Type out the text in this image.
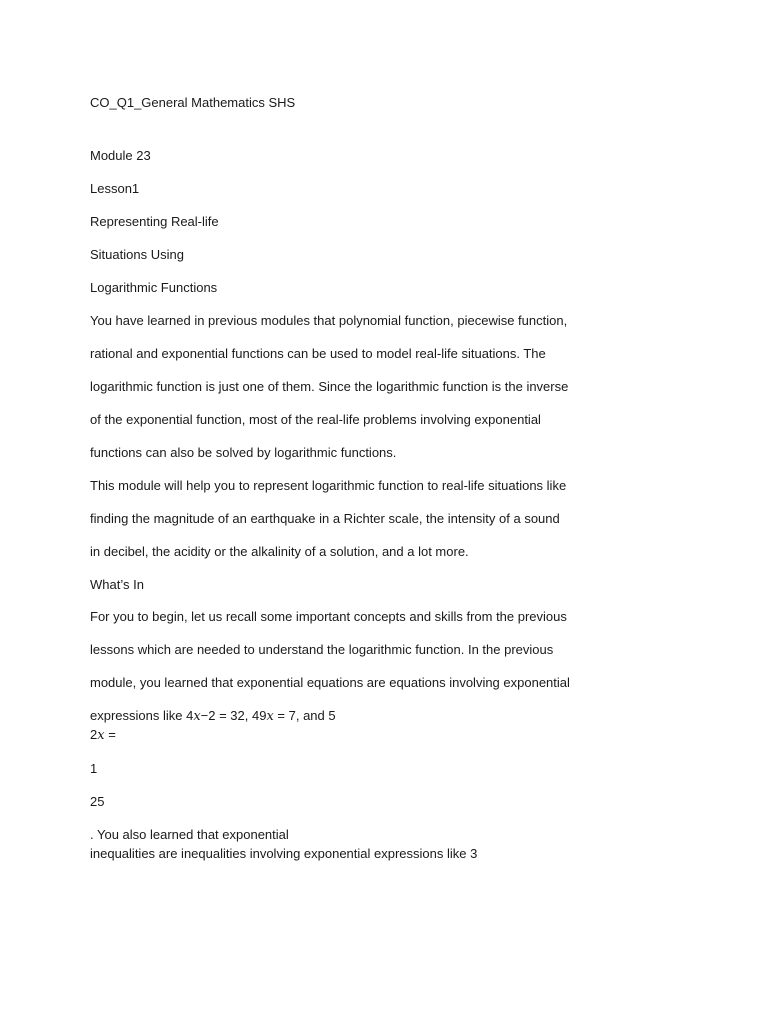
CO_Q1_General Mathematics SHS
Module 23
Lesson1
Representing Real-life
Situations Using
Logarithmic Functions
You have learned in previous modules that polynomial function, piecewise function,
rational and exponential functions can be used to model real-life situations. The
logarithmic function is just one of them. Since the logarithmic function is the inverse
of the exponential function, most of the real-life problems involving exponential
functions can also be solved by logarithmic functions.
This module will help you to represent logarithmic function to real-life situations like
finding the magnitude of an earthquake in a Richter scale, the intensity of a sound
in decibel, the acidity or the alkalinity of a solution, and a lot more.
What’s In
For you to begin, let us recall some important concepts and skills from the previous
lessons which are needed to understand the logarithmic function. In the previous
module, you learned that exponential equations are equations involving exponential
expressions like 4x−2 = 32, 49x = 7, and 5
2x =
1
25
. You also learned that exponential
inequalities are inequalities involving exponential expressions like 3
